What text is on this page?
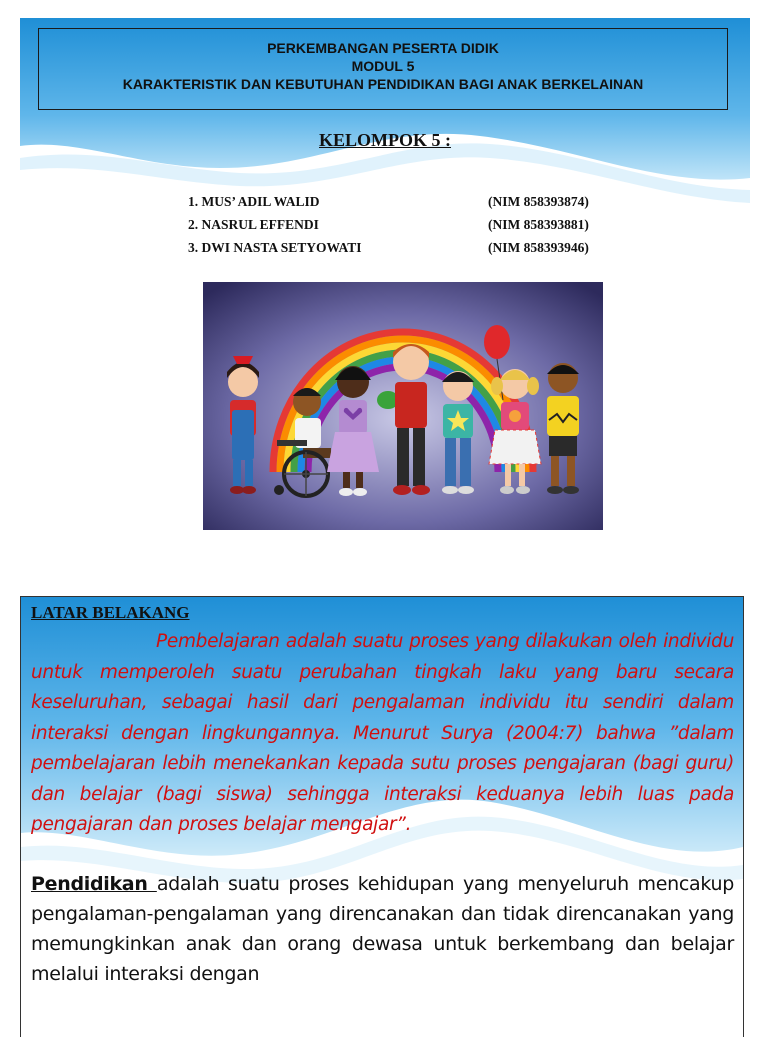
PERKEMBANGAN PESERTA DIDIK
MODUL 5
KARAKTERISTIK DAN KEBUTUHAN PENDIDIKAN BAGI ANAK BERKELAINAN
KELOMPOK 5 :
1. MUS’ ADIL WALID	(NIM 858393874)
2. NASRUL EFFENDI	(NIM 858393881)
3. DWI NASTA SETYOWATI	(NIM 858393946)
LATAR BELAKANG
Pembelajaran adalah suatu proses yang dilakukan oleh individu untuk memperoleh suatu perubahan tingkah laku yang baru secara keseluruhan, sebagai hasil dari pengalaman individu itu sendiri dalam interaksi dengan lingkungannya. Menurut Surya (2004:7) bahwa ”dalam pembelajaran lebih menekankan kepada sutu proses pengajaran (bagi guru) dan belajar (bagi siswa) sehingga interaksi keduanya lebih luas pada pengajaran dan proses belajar mengajar”.
Pendidikan adalah suatu proses kehidupan yang menyeluruh mencakup pengalaman-pengalaman yang direncanakan dan tidak direncanakan yang memungkinkan anak dan orang dewasa untuk berkembang dan belajar melalui interaksi dengan
